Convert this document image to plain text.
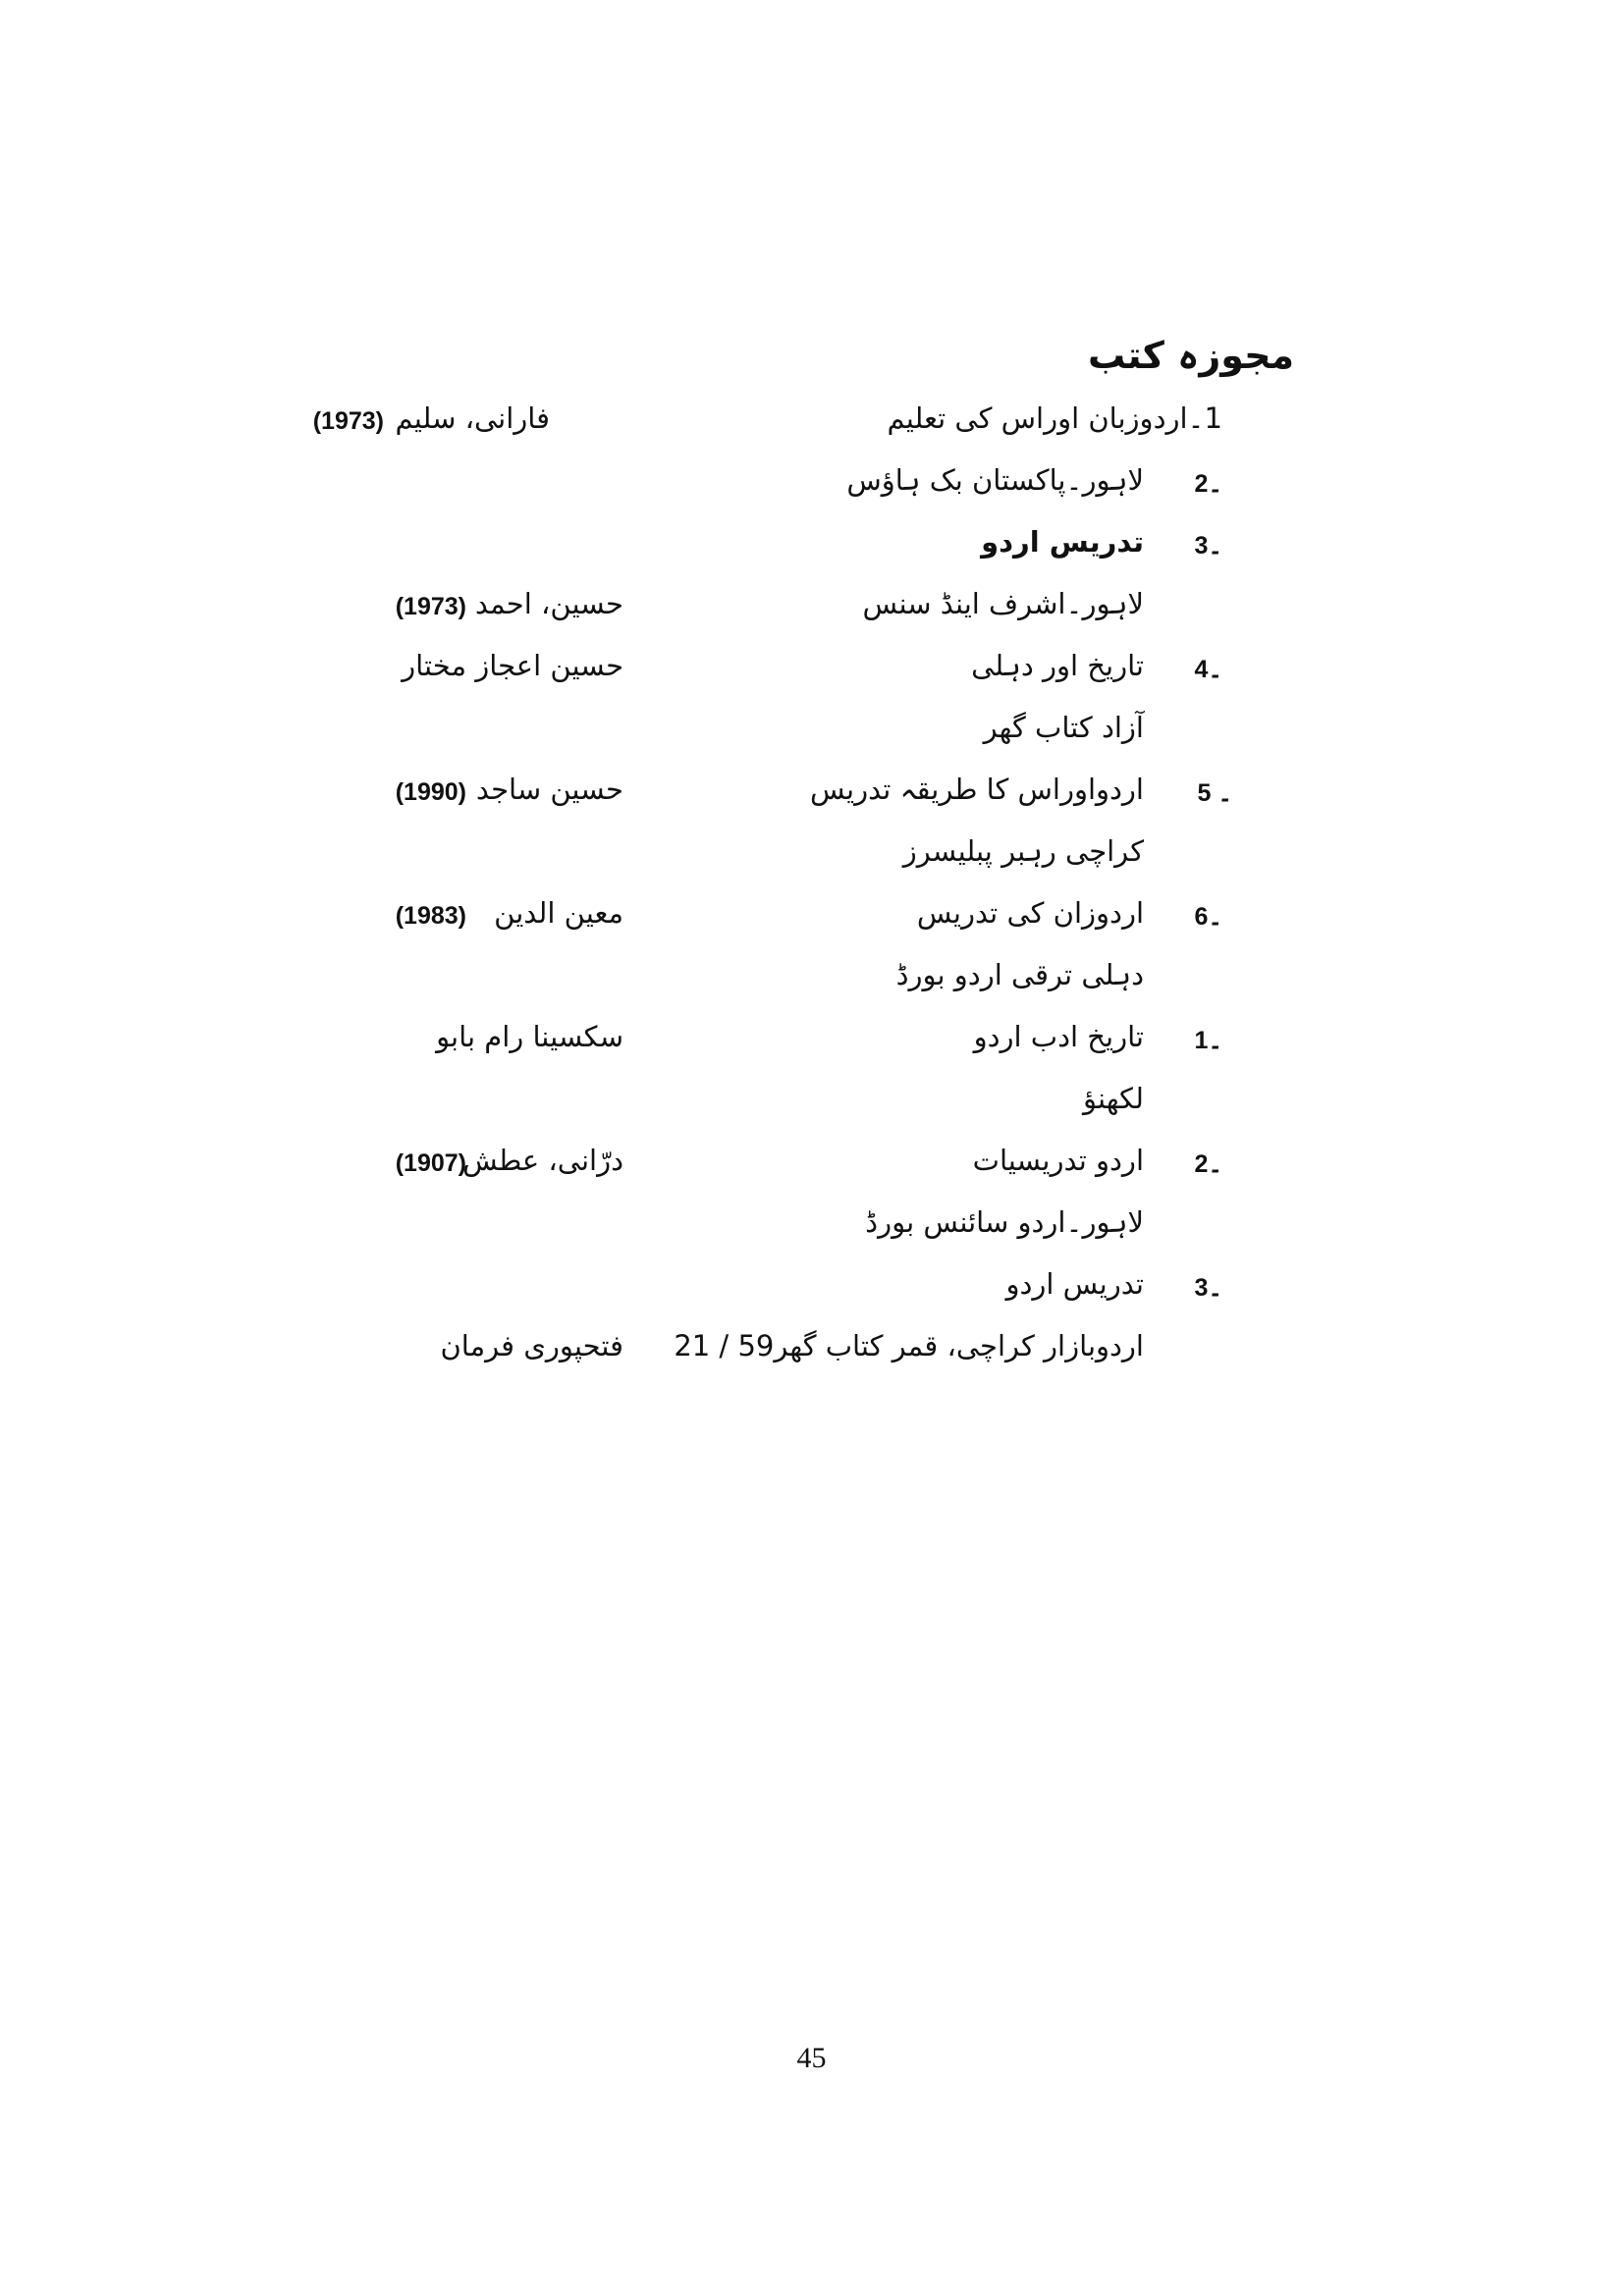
مجوزہ کتب
1۔اردوزبان اوراس کی تعلیم
فارانی، سلیم
(1973)
2۔
لاہور۔پاکستان بک ہاؤس
3۔
تدریس اردو
لاہور۔اشرف اینڈ سنس
حسین، احمد
(1973)
4۔
تاریخ اور دہلی
حسین اعجاز مختار
آزاد کتاب گھر
5 ۔
اردواوراس کا طریقہ تدریس
حسین ساجد
(1990)
کراچی رہبر پبلیسرز
6۔
اردوزان کی تدریس
معین الدین
(1983)
دہلی ترقی اردو بورڈ
1۔
تاریخ ادب اردو
سکسینا رام بابو
لکھنؤ
2۔
اردو تدریسیات
درّانی، عطش
(1907)
لاہور۔اردو سائنس بورڈ
3۔
تدریس اردو
اردوبازار کراچی، قمر کتاب گھر59 / 21
فتحپوری فرمان
45
